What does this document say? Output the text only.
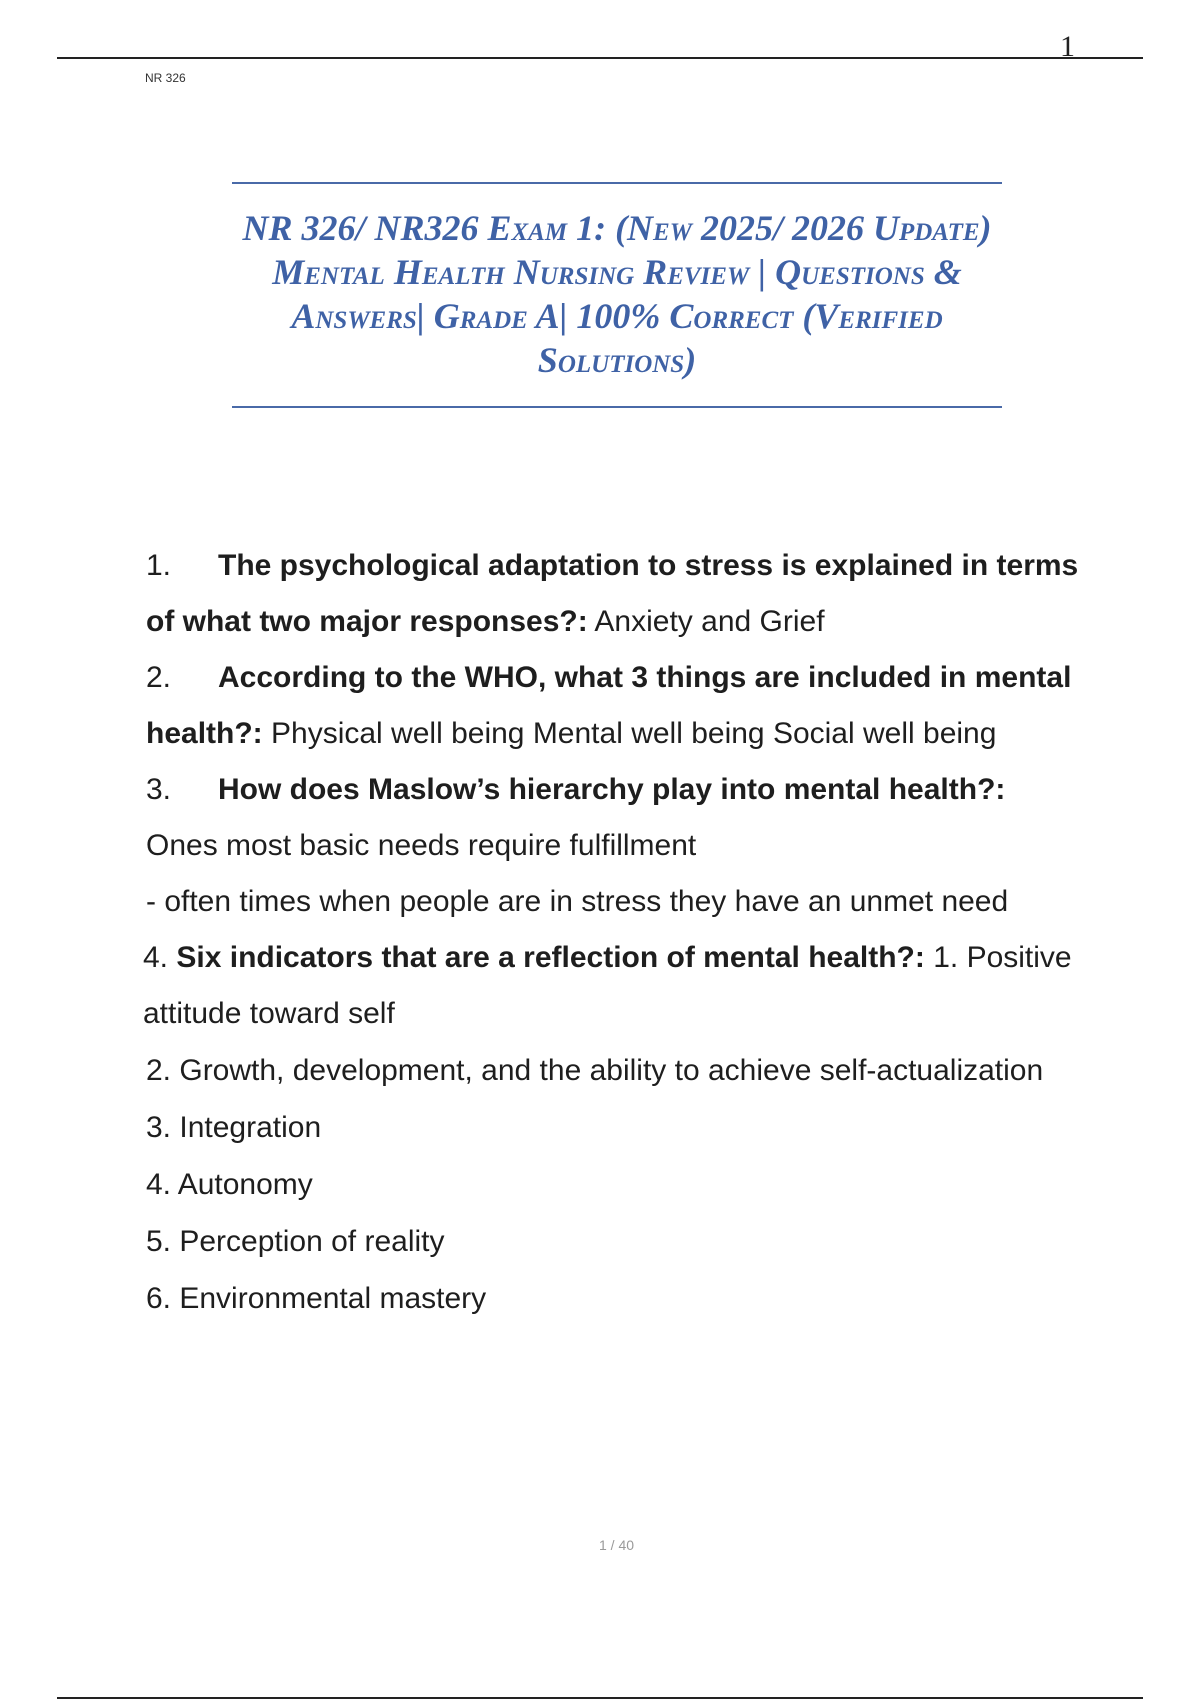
1
NR 326

NR 326/ NR326 Exam 1: (New 2025/ 2026 Update) Mental Health Nursing Review | Questions & Answers| Grade A| 100% Correct (Verified Solutions)

1. The psychological adaptation to stress is explained in terms of what two major responses?: Anxiety and Grief

2. According to the WHO, what 3 things are included in mental health?: Physical well being Mental well being Social well being

3. How does Maslow’s hierarchy play into mental health?:

Ones most basic needs require fulfillment

- often times when people are in stress they have an unmet need

4. Six indicators that are a reflection of mental health?: 1. Positive attitude toward self

2. Growth, development, and the ability to achieve self-actualization
3. Integration
4. Autonomy
5. Perception of reality
6. Environmental mastery
1 / 40
